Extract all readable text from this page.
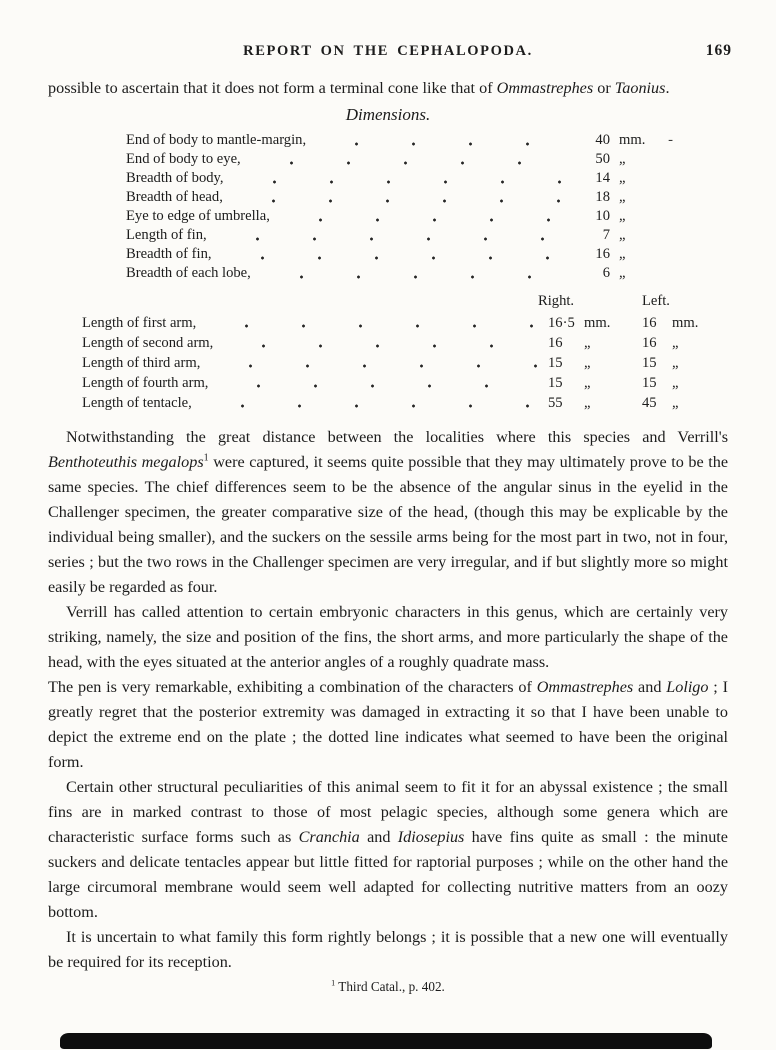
REPORT ON THE CEPHALOPODA.	169

possible to ascertain that it does not form a terminal cone like that of Ommastrephes or Taonius.

Dimensions.
End of body to mantle-margin,	40 mm.	-
End of body to eye,	50 „
Breadth of body,	14 „
Breadth of head,	18 „
Eye to edge of umbrella,	10 „
Length of fin,	7 „
Breadth of fin,	16 „
Breadth of each lobe,	6 „
Right.	Left.
Length of first arm,	16·5 mm.	16	mm.
Length of second arm,	16	„	16	„
Length of third arm,	15	„	15	„
Length of fourth arm,	15	„	15	„
Length of tentacle,	55	„	45	„

Notwithstanding the great distance between the localities where this species and Verrill's Benthoteuthis megalops$^1$ were captured, it seems quite possible that they may ultimately prove to be the same species. The chief differences seem to be the absence of the angular sinus in the eyelid in the Challenger specimen, the greater comparative size of the head, (though this may be explicable by the individual being smaller), and the suckers on the sessile arms being for the most part in two, not in four, series ; but the two rows in the Challenger specimen are very irregular, and if but slightly more so might easily be regarded as four.

Verrill has called attention to certain embryonic characters in this genus, which are certainly very striking, namely, the size and position of the fins, the short arms, and more particularly the shape of the head, with the eyes situated at the anterior angles of a roughly quadrate mass.

The pen is very remarkable, exhibiting a combination of the characters of Ommastrephes and Loligo ; I greatly regret that the posterior extremity was damaged in extracting it so that I have been unable to depict the extreme end on the plate ; the dotted line indicates what seemed to have been the original form.

Certain other structural peculiarities of this animal seem to fit it for an abyssal existence ; the small fins are in marked contrast to those of most pelagic species, although some genera which are characteristic surface forms such as Cranchia and Idiosepius have fins quite as small : the minute suckers and delicate tentacles appear but little fitted for raptorial purposes ; while on the other hand the large circumoral membrane would seem well adapted for collecting nutritive matters from an oozy bottom.

It is uncertain to what family this form rightly belongs ; it is possible that a new one will eventually be required for its reception.

$^1$ Third Catal., p. 402.
